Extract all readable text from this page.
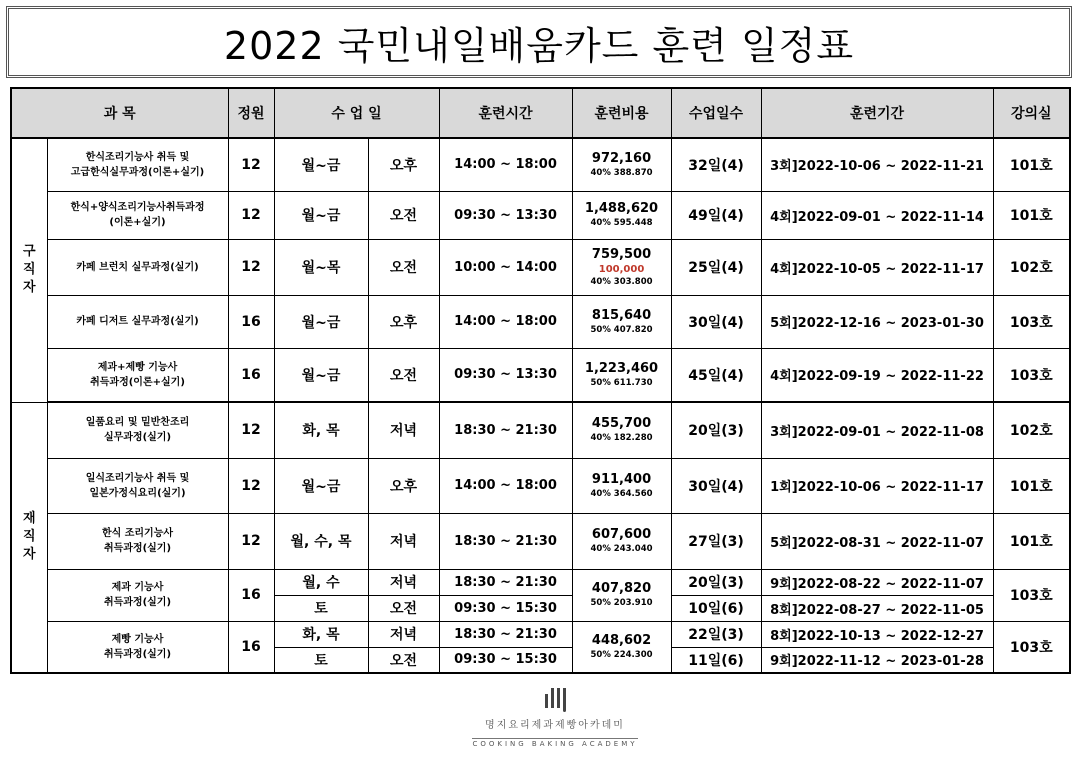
2022 국민내일배움카드 훈련 일정표
과 목		정원	수 업 일		훈련시간	훈련비용	수업일수	훈련기간	강의실
구
직
자	한식조리기능사 취득 및
고급한식실무과정(이론+실기)	12	월~금	오후	14:00 ~ 18:00	972,160
40% 388.870	32일(4)	3회]2022-10-06 ~ 2022-11-21	101호
	한식+양식조리기능사취득과정
(이론+실기)	12	월~금	오전	09:30 ~ 13:30	1,488,620
40% 595.448	49일(4)	4회]2022-09-01 ~ 2022-11-14	101호
	카페 브런치 실무과정(실기)	12	월~목	오전	10:00 ~ 14:00	759,500
100,000
40% 303.800	25일(4)	4회]2022-10-05 ~ 2022-11-17	102호
	카페 디저트 실무과정(실기)	16	월~금	오후	14:00 ~ 18:00	815,640
50% 407.820	30일(4)	5회]2022-12-16 ~ 2023-01-30	103호
	제과+제빵 기능사
취득과정(이론+실기)	16	월~금	오전	09:30 ~ 13:30	1,223,460
50% 611.730	45일(4)	4회]2022-09-19 ~ 2022-11-22	103호
재
직
자	일품요리 및 밑반찬조리
실무과정(실기)	12	화, 목	저녁	18:30 ~ 21:30	455,700
40% 182.280	20일(3)	3회]2022-09-01 ~ 2022-11-08	102호
	일식조리기능사 취득 및
일본가정식요리(실기)	12	월~금	오후	14:00 ~ 18:00	911,400
40% 364.560	30일(4)	1회]2022-10-06 ~ 2022-11-17	101호
	한식 조리기능사
취득과정(실기)	12	월, 수, 목	저녁	18:30 ~ 21:30	607,600
40% 243.040	27일(3)	5회]2022-08-31 ~ 2022-11-07	101호
	제과 기능사
취득과정(실기)	16	월, 수	저녁	18:30 ~ 21:30	407,820
50% 203.910	20일(3)	9회]2022-08-22 ~ 2022-11-07	103호
			토	오전	09:30 ~ 15:30		10일(6)	8회]2022-08-27 ~ 2022-11-05	
	제빵 기능사
취득과정(실기)	16	화, 목	저녁	18:30 ~ 21:30	448,602
50% 224.300	22일(3)	8회]2022-10-13 ~ 2022-12-27	103호
			토	오전	09:30 ~ 15:30		11일(6)	9회]2022-11-12 ~ 2023-01-28	
명지요리제과제빵아카데미
COOKING BAKING ACADEMY
